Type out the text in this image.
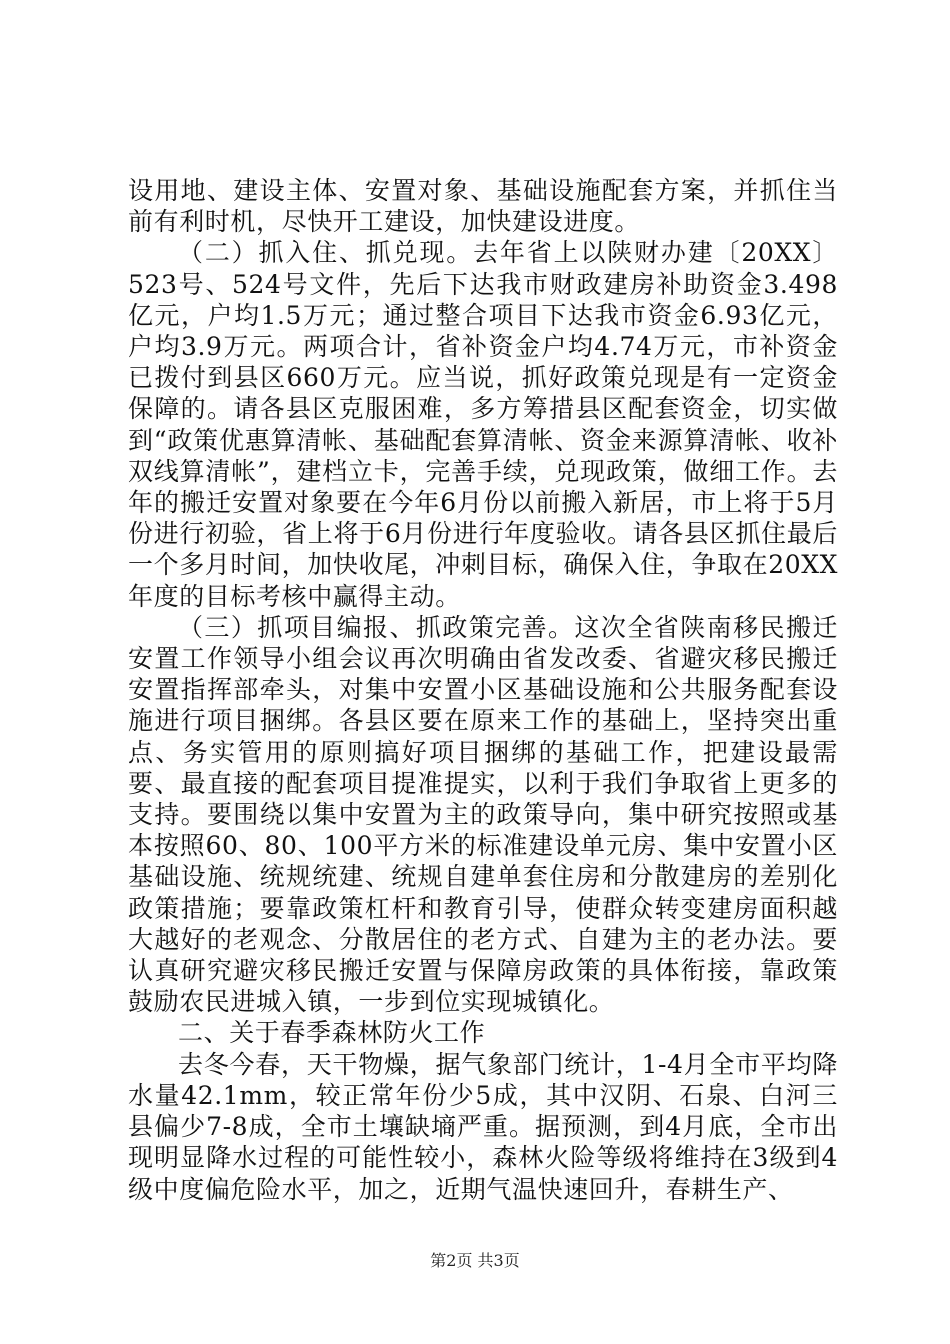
设用地、建设主体、安置对象、基础设施配套方案，并抓住当前有利时机，尽快开工建设，加快建设进度。

（二）抓入住、抓兑现。去年省上以陕财办建〔20XX〕523号、524号文件，先后下达我市财政建房补助资金3.498亿元，户均1.5万元；通过整合项目下达我市资金6.93亿元，户均3.9万元。两项合计，省补资金户均4.74万元，市补资金已拨付到县区660万元。应当说，抓好政策兑现是有一定资金保障的。请各县区克服困难，多方筹措县区配套资金，切实做到“政策优惠算清帐、基础配套算清帐、资金来源算清帐、收补双线算清帐”，建档立卡，完善手续，兑现政策，做细工作。去年的搬迁安置对象要在今年6月份以前搬入新居，市上将于5月份进行初验，省上将于6月份进行年度验收。请各县区抓住最后一个多月时间，加快收尾，冲刺目标，确保入住，争取在20XX年度的目标考核中赢得主动。

（三）抓项目编报、抓政策完善。这次全省陕南移民搬迁安置工作领导小组会议再次明确由省发改委、省避灾移民搬迁安置指挥部牵头，对集中安置小区基础设施和公共服务配套设施进行项目捆绑。各县区要在原来工作的基础上，坚持突出重点、务实管用的原则搞好项目捆绑的基础工作，把建设最需要、最直接的配套项目提准提实，以利于我们争取省上更多的支持。要围绕以集中安置为主的政策导向，集中研究按照或基本按照60、80、100平方米的标准建设单元房、集中安置小区基础设施、统规统建、统规自建单套住房和分散建房的差别化政策措施；要靠政策杠杆和教育引导，使群众转变建房面积越大越好的老观念、分散居住的老方式、自建为主的老办法。要认真研究避灾移民搬迁安置与保障房政策的具体衔接，靠政策鼓励农民进城入镇，一步到位实现城镇化。

二、关于春季森林防火工作

去冬今春，天干物燥，据气象部门统计，1-4月全市平均降水量42.1mm，较正常年份少5成，其中汉阴、石泉、白河三县偏少7-8成，全市土壤缺墒严重。据预测，到4月底，全市出现明显降水过程的可能性较小，森林火险等级将维持在3级到4级中度偏危险水平，加之，近期气温快速回升，春耕生产、

第2页 共3页
